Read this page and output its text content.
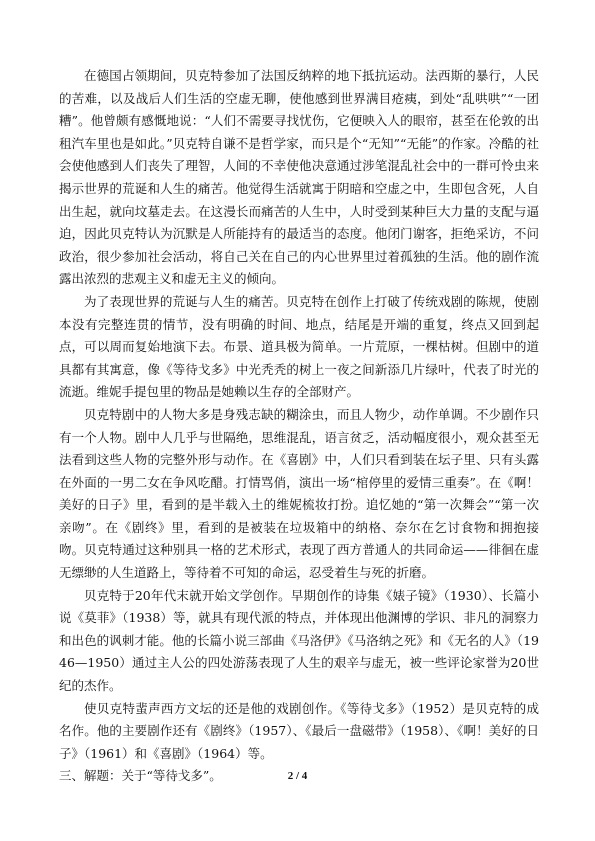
在德国占领期间，贝克特参加了法国反纳粹的地下抵抗运动。法西斯的暴行，人民的苦难，以及战后人们生活的空虚无聊，使他感到世界满目疮痍，到处“乱哄哄”“一团糟”。他曾颇有感慨地说：“人们不需要寻找忧伤，它便映入人的眼帘，甚至在伦敦的出租汽车里也是如此。”贝克特自谦不是哲学家，而只是个“无知”“无能”的作家。冷酷的社会使他感到人们丧失了理智，人间的不幸使他决意通过涉笔混乱社会中的一群可怜虫来揭示世界的荒诞和人生的痛苦。他觉得生活就寓于阴暗和空虚之中，生即包含死，人自出生起，就向坟墓走去。在这漫长而痛苦的人生中，人时受到某种巨大力量的支配与逼迫，因此贝克特认为沉默是人所能持有的最适当的态度。他闭门谢客，拒绝采访，不问政治，很少参加社会活动，将自己关在自己的内心世界里过着孤独的生活。他的剧作流露出浓烈的悲观主义和虚无主义的倾向。

为了表现世界的荒诞与人生的痛苦。贝克特在创作上打破了传统戏剧的陈规，使剧本没有完整连贯的情节，没有明确的时间、地点，结尾是开端的重复，终点又回到起点，可以周而复始地演下去。布景、道具极为简单。一片荒原，一棵枯树。但剧中的道具都有其寓意，像《等待戈多》中光秃秃的树上一夜之间新添几片绿叶，代表了时光的流逝。维妮手提包里的物品是她赖以生存的全部财产。

贝克特剧中的人物大多是身残志缺的糊涂虫，而且人物少，动作单调。不少剧作只有一个人物。剧中人几乎与世隔绝，思维混乱，语言贫乏，活动幅度很小，观众甚至无法看到这些人物的完整外形与动作。在《喜剧》中，人们只看到装在坛子里、只有头露在外面的一男二女在争风吃醋。打情骂俏，演出一场“棺停里的爱情三重奏”。在《啊！美好的日子》里，看到的是半载入土的维妮梳妆打扮。追忆她的“第一次舞会”“第一次亲吻”。在《剧终》里，看到的是被装在垃圾箱中的纳格、奈尔在乞讨食物和拥抱接吻。贝克特通过这种别具一格的艺术形式，表现了西方普通人的共同命运——徘徊在虚无缥缈的人生道路上，等待着不可知的命运，忍受着生与死的折磨。

贝克特于20年代末就开始文学创作。早期创作的诗集《婊子镜》（1930）、长篇小说《莫菲》（1938）等，就具有现代派的特点，并体现出他渊博的学识、非凡的洞察力和出色的讽刺才能。他的长篇小说三部曲《马洛伊》《马洛纳之死》和《无名的人》（1946—1950）通过主人公的四处游荡表现了人生的艰辛与虚无，被一些评论家誉为20世纪的杰作。

使贝克特蜚声西方文坛的还是他的戏剧创作。《等待戈多》（1952）是贝克特的成名作。他的主要剧作还有《剧终》（1957）、《最后一盘磁带》（1958）、《啊！美好的日子》（1961）和《喜剧》（1964）等。

三、解题：关于“等待戈多”。	2 / 4
